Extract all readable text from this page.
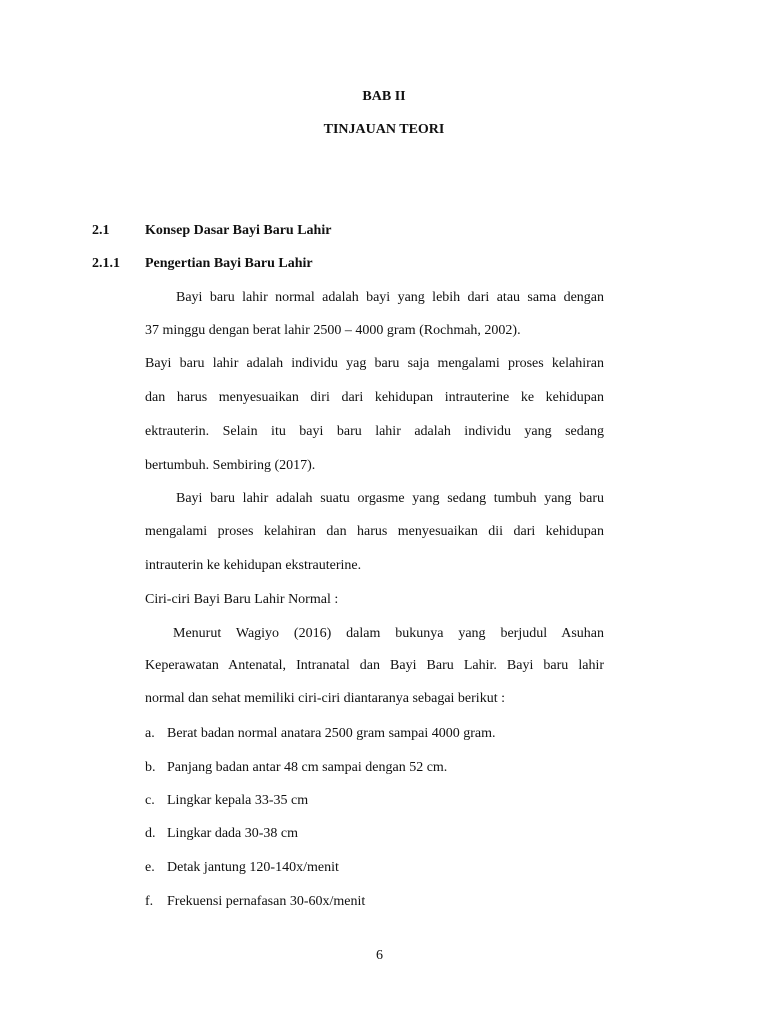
BAB II
TINJAUAN TEORI
2.1	Konsep Dasar Bayi Baru Lahir
2.1.1 Pengertian Bayi Baru Lahir
Bayi baru lahir normal adalah bayi yang lebih dari atau sama dengan
37 minggu dengan berat lahir 2500 – 4000 gram (Rochmah, 2002).
Bayi baru lahir adalah individu yag baru saja mengalami proses kelahiran
dan harus menyesuaikan diri dari kehidupan intrauterine ke kehidupan
ektrauterin. Selain itu bayi baru lahir adalah individu yang sedang
bertumbuh. Sembiring (2017).
Bayi baru lahir adalah suatu orgasme yang sedang tumbuh yang baru
mengalami proses kelahiran dan harus menyesuaikan dii dari kehidupan
intrauterin ke kehidupan ekstrauterine.
Ciri-ciri Bayi Baru Lahir Normal :
Menurut Wagiyo (2016) dalam bukunya yang berjudul Asuhan
Keperawatan Antenatal, Intranatal dan Bayi Baru Lahir. Bayi baru lahir
normal dan sehat memiliki ciri-ciri diantaranya sebagai berikut :
a. Berat badan normal anatara 2500 gram sampai 4000 gram.
b. Panjang badan antar 48 cm sampai dengan 52 cm.
c. Lingkar kepala 33-35 cm
d. Lingkar dada 30-38 cm
e. Detak jantung 120-140x/menit
f. Frekuensi pernafasan 30-60x/menit
6
